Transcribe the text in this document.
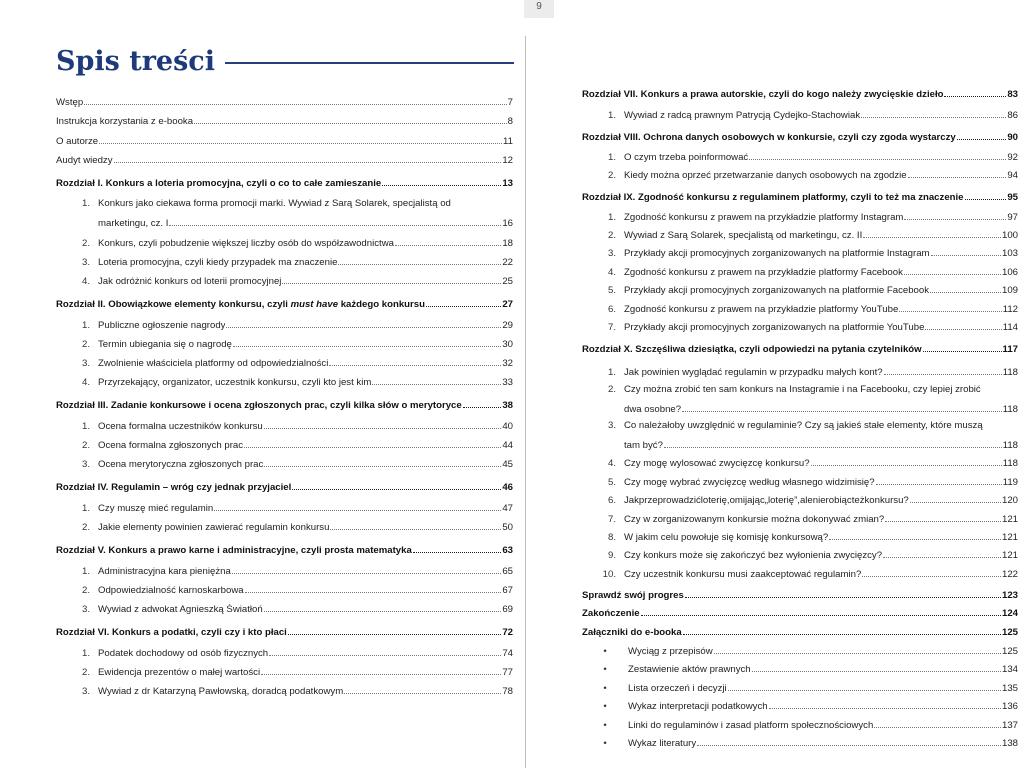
9
Spis treści
Wstęp	7
Instrukcja korzystania z e-booka	8
O autorze	11
Audyt wiedzy	12
Rozdział I. Konkurs a loteria promocyjna, czyli o co to całe zamieszanie	13
1. Konkurs jako ciekawa forma promocji marki. Wywiad z Sarą Solarek, specjalistą od
marketingu, cz. I	16
2. Konkurs, czyli pobudzenie większej liczby osób do współzawodnictwa	18
3. Loteria promocyjna, czyli kiedy przypadek ma znaczenie	22
4. Jak odróżnić konkurs od loterii promocyjnej	25
Rozdział II. Obowiązkowe elementy konkursu, czyli must have każdego konkursu	27
1. Publiczne ogłoszenie nagrody	29
2. Termin ubiegania się o nagrodę	30
3. Zwolnienie właściciela platformy od odpowiedzialności	32
4. Przyrzekający, organizator, uczestnik konkursu, czyli kto jest kim	33
Rozdział III. Zadanie konkursowe i ocena zgłoszonych prac, czyli kilka słów o merytoryce	38
1. Ocena formalna uczestników konkursu	40
2. Ocena formalna zgłoszonych prac	44
3. Ocena merytoryczna zgłoszonych prac	45
Rozdział IV. Regulamin – wróg czy jednak przyjaciel	46
1. Czy muszę mieć regulamin	47
2. Jakie elementy powinien zawierać regulamin konkursu	50
Rozdział V. Konkurs a prawo karne i administracyjne, czyli prosta matematyka	63
1. Administracyjna kara pieniężna	65
2. Odpowiedzialność karnoskarbowa	67
3. Wywiad z adwokat Agnieszką Światłoń	69
Rozdział VI. Konkurs a podatki, czyli czy i kto płaci	72
1. Podatek dochodowy od osób fizycznych	74
2. Ewidencja prezentów o małej wartości	77
3. Wywiad z dr Katarzyną Pawłowską, doradcą podatkowym	78
Rozdział VII. Konkurs a prawa autorskie, czyli do kogo należy zwycięskie dzieło	83
1. Wywiad z radcą prawnym Patrycją Cydejko-Stachowiak	86
Rozdział VIII. Ochrona danych osobowych w konkursie, czyli czy zgoda wystarczy	90
1. O czym trzeba poinformować	92
2. Kiedy można oprzeć przetwarzanie danych osobowych na zgodzie	94
Rozdział IX. Zgodność konkursu z regulaminem platformy, czyli to też ma znaczenie	95
1. Zgodność konkursu z prawem na przykładzie platformy Instagram	97
2. Wywiad z Sarą Solarek, specjalistą od marketingu, cz. II	100
3. Przykłady akcji promocyjnych zorganizowanych na platformie Instagram	103
4. Zgodność konkursu z prawem na przykładzie platformy Facebook	106
5. Przykłady akcji promocyjnych zorganizowanych na platformie Facebook	109
6. Zgodność konkursu z prawem na przykładzie platformy YouTube	112
7. Przykłady akcji promocyjnych zorganizowanych na platformie YouTube	114
Rozdział X. Szczęśliwa dziesiątka, czyli odpowiedzi na pytania czytelników	117
1. Jak powinien wyglądać regulamin w przypadku małych kont?	118
2. Czy można zrobić ten sam konkurs na Instagramie i na Facebooku, czy lepiej zrobić
dwa osobne?	118
3. Co należałoby uwzględnić w regulaminie? Czy są jakieś stałe elementy, które muszą
tam być?	118
4. Czy mogę wylosować zwycięzcę konkursu?	118
5. Czy mogę wybrać zwycięzcę według własnego widzimisię?	119
6. Jakprzeprowadzićloterię,omijając„loterię”,alenierobiącteżkonkursu?	120
7. Czy w zorganizowanym konkursie można dokonywać zmian?	121
8. W jakim celu powołuje się komisję konkursową?	121
9. Czy konkurs może się zakończyć bez wyłonienia zwycięzcy?	121
10. Czy uczestnik konkursu musi zaakceptować regulamin?	122
Sprawdź swój progres	123
Zakończenie	124
Załączniki do e-booka	125
•	Wyciąg z przepisów	125
•	Zestawienie aktów prawnych	134
•	Lista orzeczeń i decyzji	135
•	Wykaz interpretacji podatkowych	136
•	Linki do regulaminów i zasad platform społecznościowych	137
•	Wykaz literatury	138
